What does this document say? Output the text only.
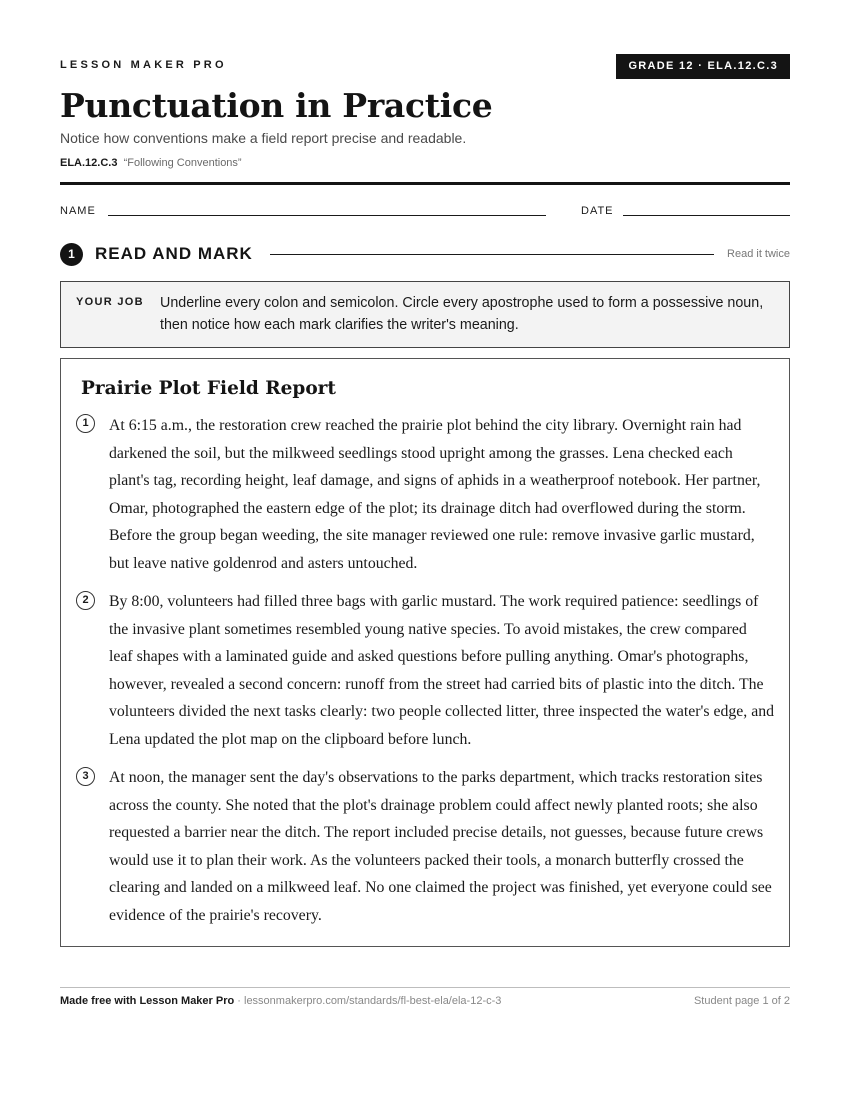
LESSON MAKER PRO	GRADE 12 · ELA.12.C.3
Punctuation in Practice
Notice how conventions make a field report precise and readable.
ELA.12.C.3 “Following Conventions”
NAME	DATE
1	READ AND MARK	Read it twice
YOUR JOB Underline every colon and semicolon. Circle every apostrophe used to form a possessive noun, then notice how each mark clarifies the writer's meaning.
Prairie Plot Field Report
1	At 6:15 a.m., the restoration crew reached the prairie plot behind the city library. Overnight rain had darkened the soil, but the milkweed seedlings stood upright among the grasses. Lena checked each plant's tag, recording height, leaf damage, and signs of aphids in a weatherproof notebook. Her partner, Omar, photographed the eastern edge of the plot; its drainage ditch had overflowed during the storm. Before the group began weeding, the site manager reviewed one rule: remove invasive garlic mustard, but leave native goldenrod and asters untouched.

2	By 8:00, volunteers had filled three bags with garlic mustard. The work required patience: seedlings of the invasive plant sometimes resembled young native species. To avoid mistakes, the crew compared leaf shapes with a laminated guide and asked questions before pulling anything. Omar's photographs, however, revealed a second concern: runoff from the street had carried bits of plastic into the ditch. The volunteers divided the next tasks clearly: two people collected litter, three inspected the water's edge, and Lena updated the plot map on the clipboard before lunch.

3	At noon, the manager sent the day's observations to the parks department, which tracks restoration sites across the county. She noted that the plot's drainage problem could affect newly planted roots; she also requested a barrier near the ditch. The report included precise details, not guesses, because future crews would use it to plan their work. As the volunteers packed their tools, a monarch butterfly crossed the clearing and landed on a milkweed leaf. No one claimed the project was finished, yet everyone could see evidence of the prairie's recovery.

Made free with Lesson Maker Pro · lessonmakerpro.com/standards/fl-best-ela/ela-12-c-3	Student page 1 of 2
